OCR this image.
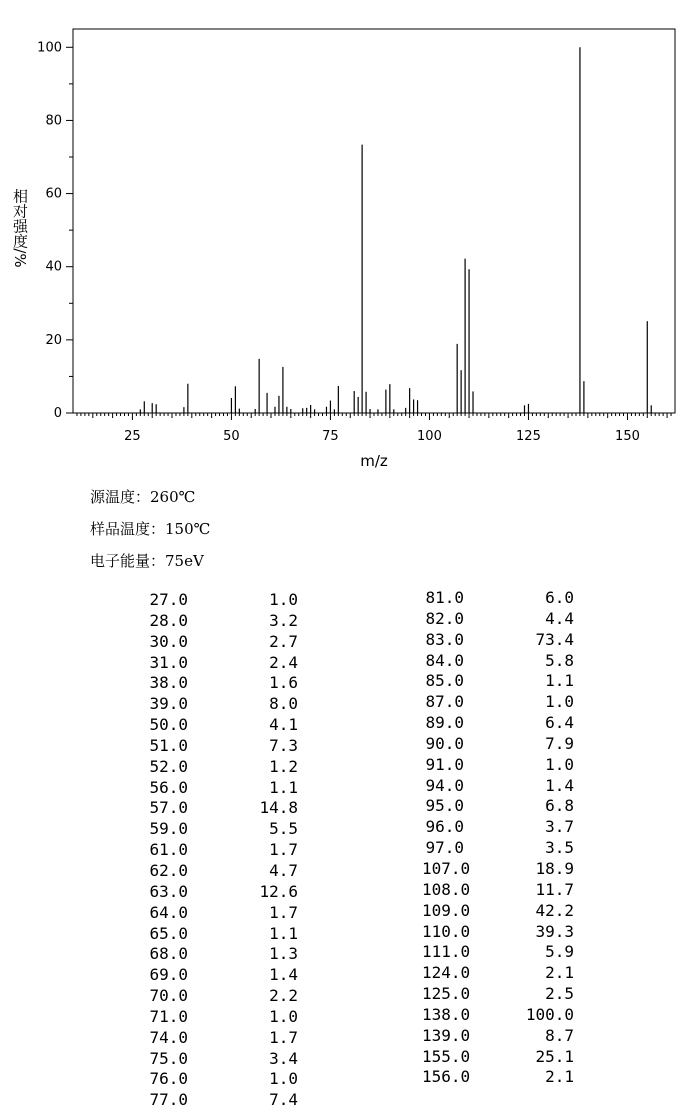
25	50	75	100	125	150
0
20
40
60
80
100
m/z
相对强度/%
源温度：260℃
样品温度：150℃
电子能量：75eV
27.0	1.0
28.0	3.2
30.0	2.7
31.0	2.4
38.0	1.6
39.0	8.0
50.0	4.1
51.0	7.3
52.0	1.2
56.0	1.1
57.0	14.8
59.0	5.5
61.0	1.7
62.0	4.7
63.0	12.6
64.0	1.7
65.0	1.1
68.0	1.3
69.0	1.4
70.0	2.2
71.0	1.0
74.0	1.7
75.0	3.4
76.0	1.0
77.0	7.4
81.0	6.0
82.0	4.4
83.0	73.4
84.0	5.8
85.0	1.1
87.0	1.0
89.0	6.4
90.0	7.9
91.0	1.0
94.0	1.4
95.0	6.8
96.0	3.7
97.0	3.5
107.0	18.9
108.0	11.7
109.0	42.2
110.0	39.3
111.0	5.9
124.0	2.1
125.0	2.5
138.0	100.0
139.0	8.7
155.0	25.1
156.0	2.1
